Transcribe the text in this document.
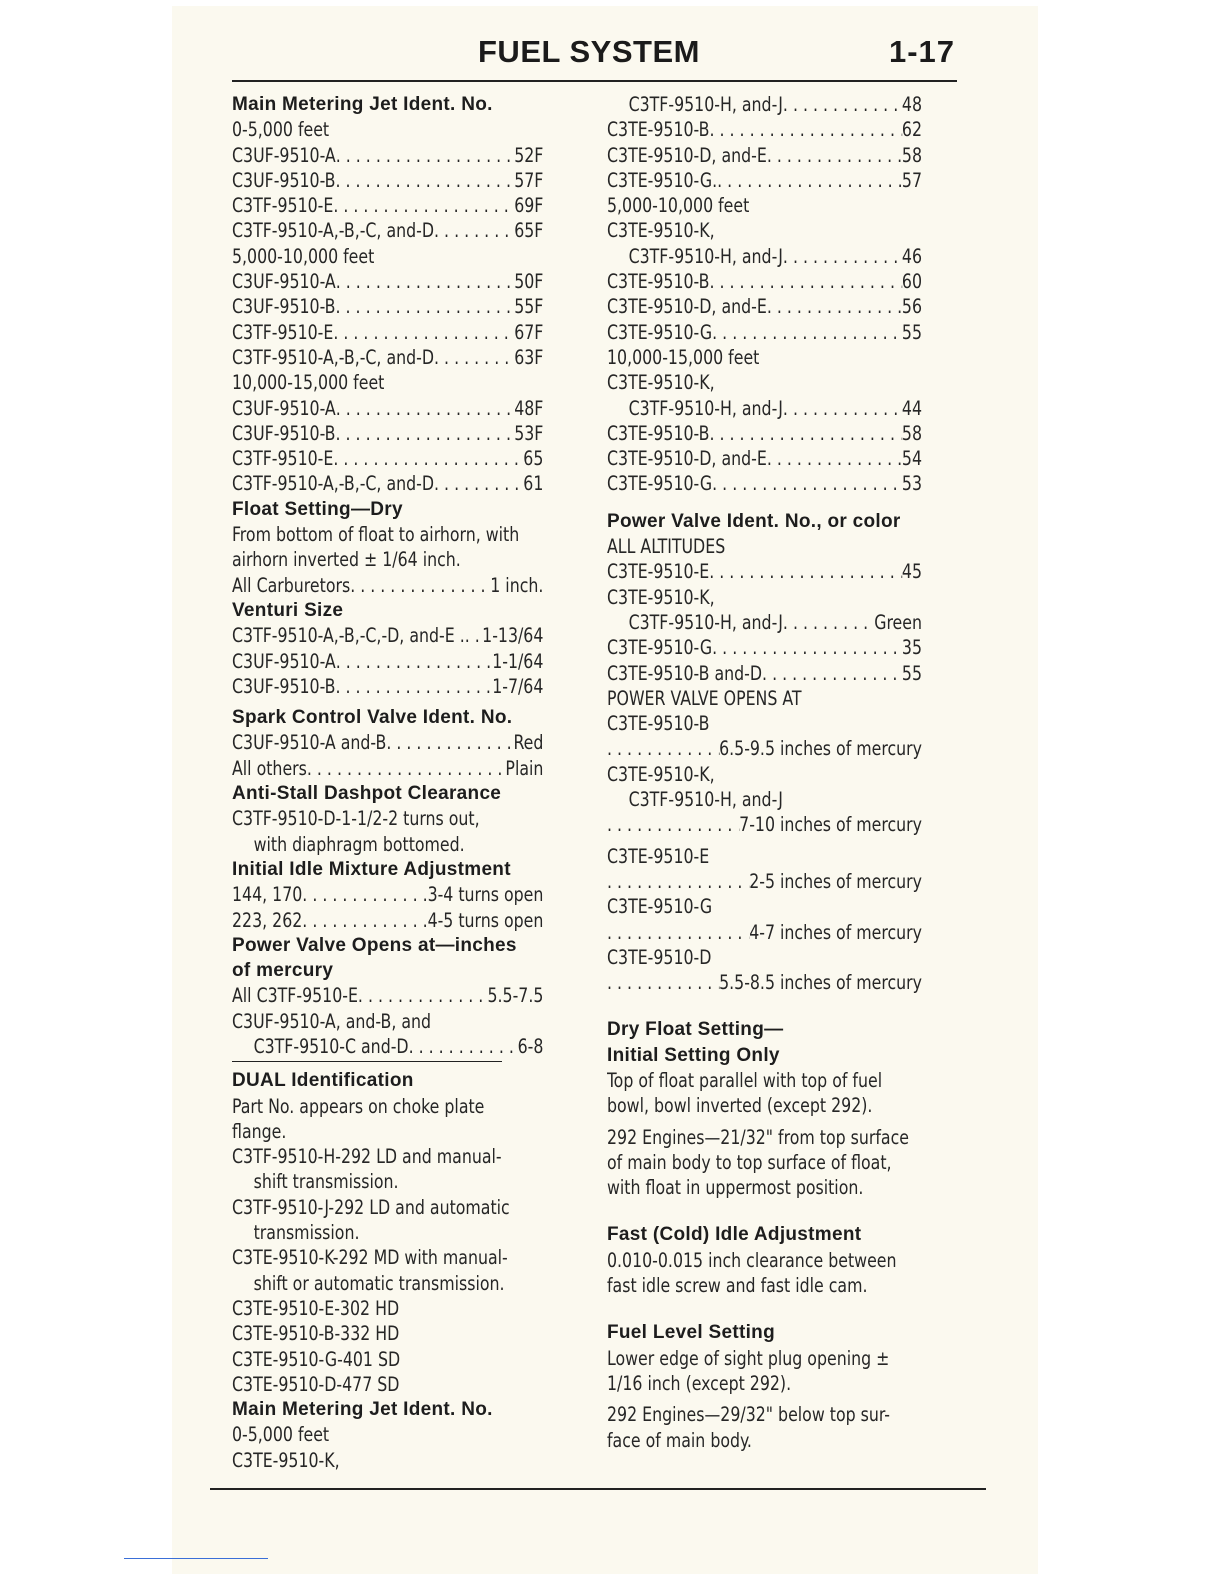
FUEL SYSTEM	1-17
Main Metering Jet Ident. No.
0-5,000 feet
C3UF-9510-A . . .	52F
C3UF-9510-B . . .	57F
C3TF-9510-E . . .	69F
C3TF-9510-A,-B,-C, and-D . . .	65F
5,000-10,000 feet
C3UF-9510-A . . .	50F
C3UF-9510-B . . .	55F
C3TF-9510-E . . .	67F
C3TF-9510-A,-B,-C, and-D . . .	63F
10,000-15,000 feet
C3UF-9510-A . . .	48F
C3UF-9510-B . . .	53F
C3TF-9510-E . . .	65
C3TF-9510-A,-B,-C, and-D . . .	61
Float Setting—Dry
From bottom of float to airhorn, with
airhorn inverted ± 1/64 inch.
All Carburetors . . .	1 inch.
Venturi Size
C3TF-9510-A,-B,-C,-D, and-E . . . . 1-13/64
C3UF-9510-A . . .	1-1/64
C3UF-9510-B . . .	1-7/64
Spark Control Valve Ident. No.
C3UF-9510-A and-B . . .	Red
All others . . .	Plain
Anti-Stall Dashpot Clearance
C3TF-9510-D-1-1/2-2 turns out,
with diaphragm bottomed.
Initial Idle Mixture Adjustment
144, 170 . . .	3-4 turns open
223, 262 . . .	4-5 turns open
Power Valve Opens at—inches
of mercury
All C3TF-9510-E . . .	5.5-7.5
C3UF-9510-A, and-B, and
C3TF-9510-C and-D . . .	6-8
DUAL Identification
Part No. appears on choke plate
flange.
C3TF-9510-H-292 LD and manual-
shift transmission.
C3TF-9510-J-292 LD and automatic
transmission.
C3TE-9510-K-292 MD with manual-
shift or automatic transmission.
C3TE-9510-E-302 HD
C3TE-9510-B-332 HD
C3TE-9510-G-401 SD
C3TE-9510-D-477 SD
Main Metering Jet Ident. No.
0-5,000 feet
C3TE-9510-K,
C3TF-9510-H, and-J . . .	48
C3TE-9510-B . . .	62
C3TE-9510-D, and-E . . .	58
C3TE-9510-G. . . .	57
5,000-10,000 feet
C3TE-9510-K,
C3TF-9510-H, and-J . . .	46
C3TE-9510-B . . .	60
C3TE-9510-D, and-E . . .	56
C3TE-9510-G . . .	55
10,000-15,000 feet
C3TE-9510-K,
C3TF-9510-H, and-J . . .	44
C3TE-9510-B . . .	58
C3TE-9510-D, and-E . . .	54
C3TE-9510-G . . .	53
Power Valve Ident. No., or color
ALL ALTITUDES
C3TE-9510-E . . .	45
C3TE-9510-K,
C3TF-9510-H, and-J . . .	Green
C3TE-9510-G . . .	35
C3TE-9510-B and-D . . .	55
POWER VALVE OPENS AT
C3TE-9510-B
. . .
6.5-9.5 inches of mercury
C3TE-9510-K,
C3TF-9510-H, and-J
. . .
7-10 inches of mercury
C3TE-9510-E
. . .
2-5 inches of mercury
C3TE-9510-G
. . .
4-7 inches of mercury
C3TE-9510-D
. . .
5.5-8.5 inches of mercury
Dry Float Setting—
Initial Setting Only
Top of float parallel with top of fuel
bowl, bowl inverted (except 292).
292 Engines—21/32" from top surface
of main body to top surface of float,
with float in uppermost position.
Fast (Cold) Idle Adjustment
0.010-0.015 inch clearance between
fast idle screw and fast idle cam.
Fuel Level Setting
Lower edge of sight plug opening ±
1/16 inch (except 292).
292 Engines—29/32" below top sur-
face of main body.
